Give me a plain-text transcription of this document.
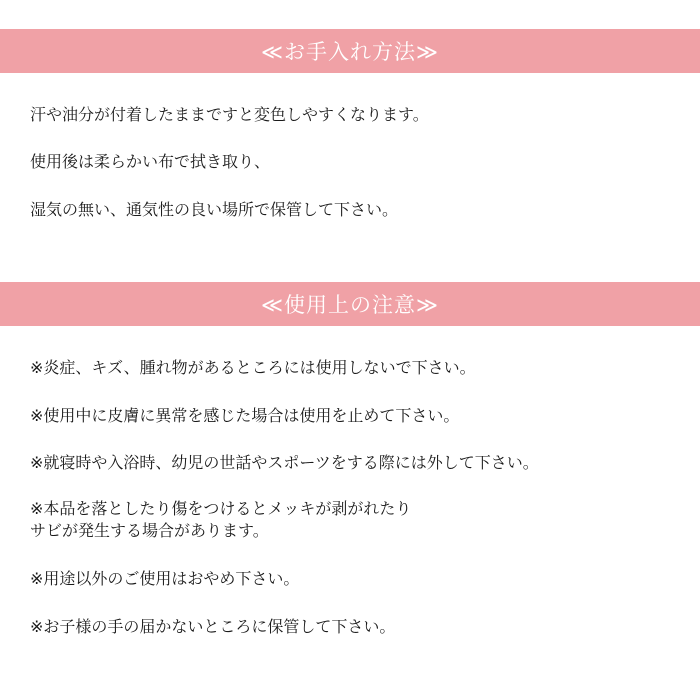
≪お手入れ方法≫
汗や油分が付着したままですと変色しやすくなります。
使用後は柔らかい布で拭き取り、
湿気の無い、通気性の良い場所で保管して下さい。
≪使用上の注意≫
※炎症、キズ、腫れ物があるところには使用しないで下さい。
※使用中に皮膚に異常を感じた場合は使用を止めて下さい。
※就寝時や入浴時、幼児の世話やスポーツをする際には外して下さい。
※本品を落としたり傷をつけるとメッキが剥がれたり
サビが発生する場合があります。
※用途以外のご使用はおやめ下さい。
※お子様の手の届かないところに保管して下さい。
